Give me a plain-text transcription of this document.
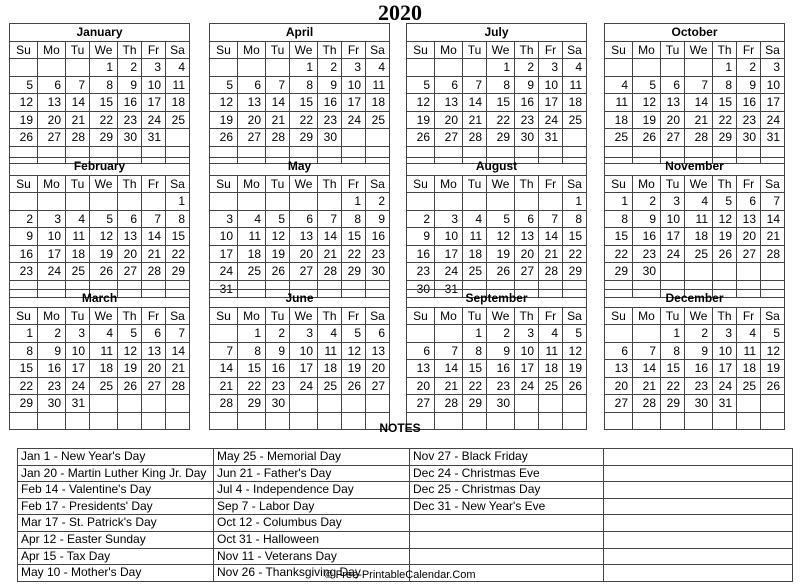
2020
January						
Su	Mo	Tu	We	Th	Fr	Sa
			1	2	3	4
5	6	7	8	9	10	11
12	13	14	15	16	17	18
19	20	21	22	23	24	25
26	27	28	29	30	31	

April						
Su	Mo	Tu	We	Th	Fr	Sa
			1	2	3	4
5	6	7	8	9	10	11
12	13	14	15	16	17	18
19	20	21	22	23	24	25
26	27	28	29	30		

July						
Su	Mo	Tu	We	Th	Fr	Sa
			1	2	3	4
5	6	7	8	9	10	11
12	13	14	15	16	17	18
19	20	21	22	23	24	25
26	27	28	29	30	31	

October						
Su	Mo	Tu	We	Th	Fr	Sa
				1	2	3
4	5	6	7	8	9	10
11	12	13	14	15	16	17
18	19	20	21	22	23	24
25	26	27	28	29	30	31

February						
Su	Mo	Tu	We	Th	Fr	Sa
						1
2	3	4	5	6	7	8
9	10	11	12	13	14	15
16	17	18	19	20	21	22
23	24	25	26	27	28	29

May						
Su	Mo	Tu	We	Th	Fr	Sa
					1	2
3	4	5	6	7	8	9
10	11	12	13	14	15	16
17	18	19	20	21	22	23
24	25	26	27	28	29	30
31						
August						
Su	Mo	Tu	We	Th	Fr	Sa
						1
2	3	4	5	6	7	8
9	10	11	12	13	14	15
16	17	18	19	20	21	22
23	24	25	26	27	28	29
30	31					
November						
Su	Mo	Tu	We	Th	Fr	Sa
1	2	3	4	5	6	7
8	9	10	11	12	13	14
15	16	17	18	19	20	21
22	23	24	25	26	27	28
29	30					

March						
Su	Mo	Tu	We	Th	Fr	Sa
1	2	3	4	5	6	7
8	9	10	11	12	13	14
15	16	17	18	19	20	21
22	23	24	25	26	27	28
29	30	31				

June						
Su	Mo	Tu	We	Th	Fr	Sa
	1	2	3	4	5	6
7	8	9	10	11	12	13
14	15	16	17	18	19	20
21	22	23	24	25	26	27
28	29	30				

September						
Su	Mo	Tu	We	Th	Fr	Sa
		1	2	3	4	5
6	7	8	9	10	11	12
13	14	15	16	17	18	19
20	21	22	23	24	25	26
27	28	29	30			

December						
Su	Mo	Tu	We	Th	Fr	Sa
		1	2	3	4	5
6	7	8	9	10	11	12
13	14	15	16	17	18	19
20	21	22	23	24	25	26
27	28	29	30	31		

NOTES
Jan 1 - New Year's Day	May 25 - Memorial Day	Nov 27 - Black Friday	
Jan 20 - Martin Luther King Jr. Day	Jun 21 - Father's Day	Dec 24 - Christmas Eve	
Feb 14 - Valentine's Day	Jul 4 - Independence Day	Dec 25 - Christmas Day	
Feb 17 - Presidents' Day	Sep 7 - Labor Day	Dec 31 - New Year's Eve	
Mar 17 - St. Patrick's Day	Oct 12 - Columbus Day		
Apr 12 - Easter Sunday	Oct 31 - Halloween		
Apr 15 - Tax Day	Nov 11 - Veterans Day		
May 10 - Mother's Day	Nov 26 - Thanksgiving Day		
© Free-PrintableCalendar.Com
